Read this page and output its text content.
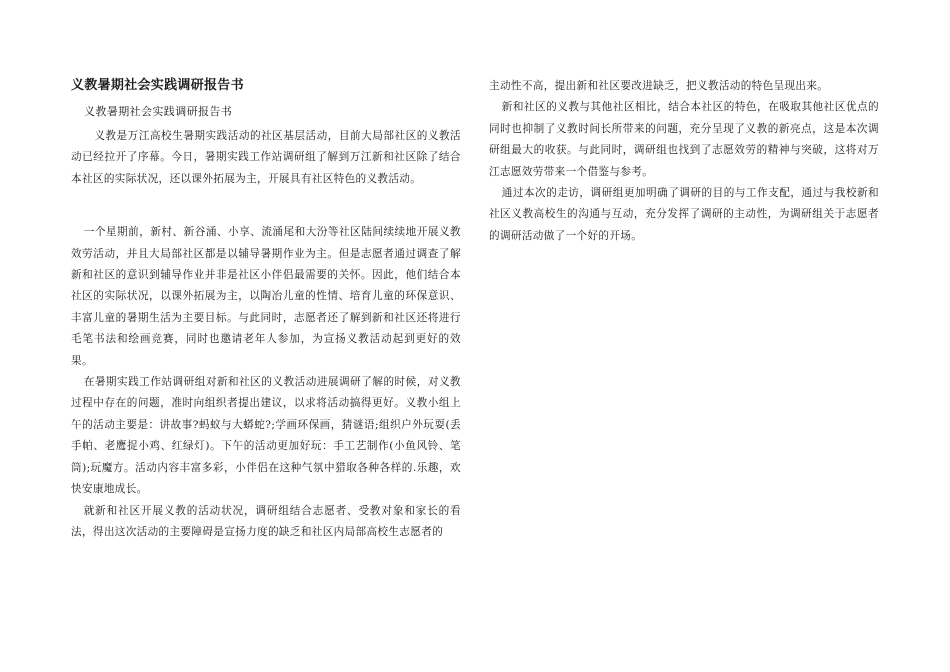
义教暑期社会实践调研报告书

义教暑期社会实践调研报告书

义教是万江高校生暑期实践活动的社区基层活动，目前大局部社区的义教活动已经拉开了序幕。今日，暑期实践工作站调研组了解到万江新和社区除了结合本社区的实际状况，还以课外拓展为主，开展具有社区特色的义教活动。

一个星期前，新村、新谷涌、小享、流涌尾和大汾等社区陆间续续地开展义教效劳活动，并且大局部社区都是以辅导暑期作业为主。但是志愿者通过调查了解新和社区的意识到辅导作业并非是社区小伴侣最需要的关怀。因此，他们结合本社区的实际状况，以课外拓展为主，以陶冶儿童的性情、培育儿童的环保意识、丰富儿童的暑期生活为主要目标。与此同时，志愿者还了解到新和社区还将进行毛笔书法和绘画竞赛，同时也邀请老年人参加，为宣扬义教活动起到更好的效果。

在暑期实践工作站调研组对新和社区的义教活动进展调研了解的时候，对义教过程中存在的问题，准时向组织者提出建议，以求将活动搞得更好。义教小组上午的活动主要是：讲故事?蚂蚁与大蟒蛇?;学画环保画，猜谜语;组织户外玩耍(丢手帕、老鹰捉小鸡、红绿灯)。下午的活动更加好玩：手工艺制作(小鱼风铃、笔筒);玩魔方。活动内容丰富多彩，小伴侣在这种气氛中猎取各种各样的.乐趣，欢快安康地成长。

就新和社区开展义教的活动状况，调研组结合志愿者、受教对象和家长的看法，得出这次活动的主要障碍是宣扬力度的缺乏和社区内局部高校生志愿者的

主动性不高，提出新和社区要改进缺乏，把义教活动的特色呈现出来。

新和社区的义教与其他社区相比，结合本社区的特色，在吸取其他社区优点的同时也抑制了义教时间长所带来的问题，充分呈现了义教的新亮点，这是本次调研组最大的收获。与此同时，调研组也找到了志愿效劳的精神与突破，这将对万江志愿效劳带来一个借鉴与参考。

通过本次的走访，调研组更加明确了调研的目的与工作支配，通过与我校新和社区义教高校生的沟通与互动，充分发挥了调研的主动性，为调研组关于志愿者的调研活动做了一个好的开场。
